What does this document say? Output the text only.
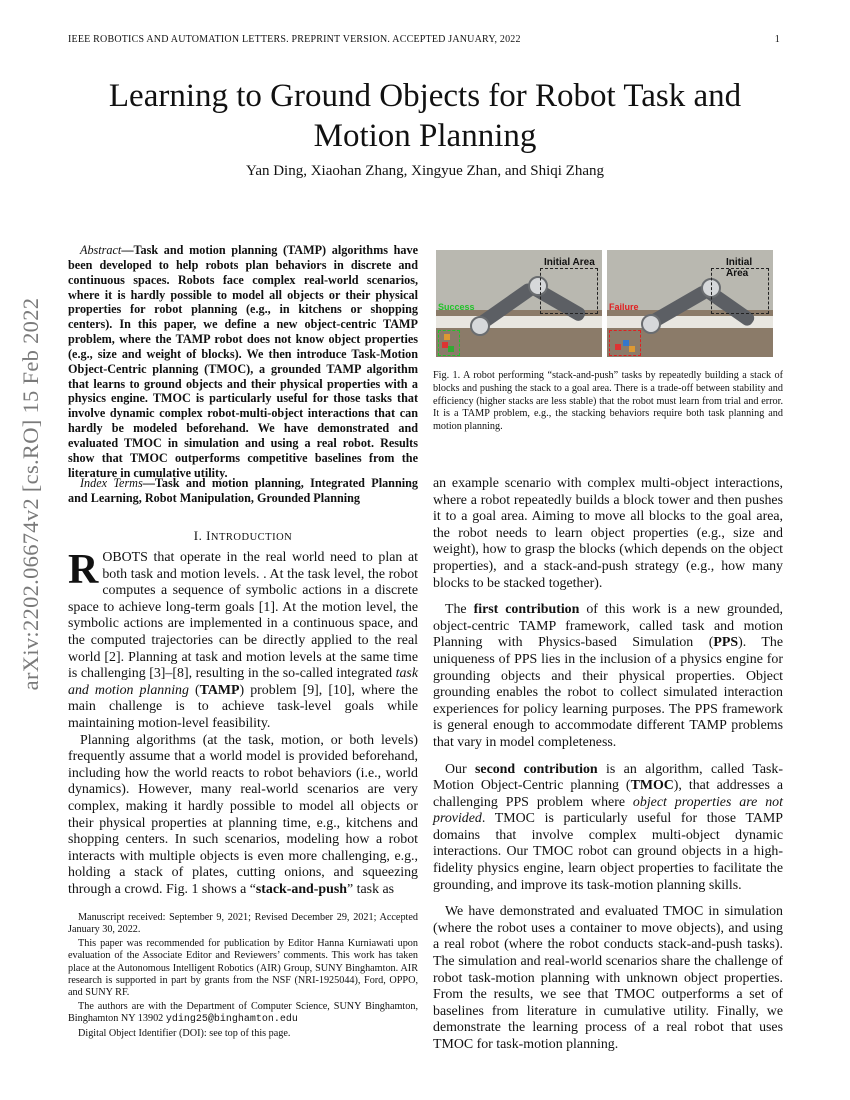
IEEE ROBOTICS AND AUTOMATION LETTERS. PREPRINT VERSION. ACCEPTED JANUARY, 2022	1
Learning to Ground Objects for Robot Task and
Motion Planning
Yan Ding, Xiaohan Zhang, Xingyue Zhan, and Shiqi Zhang
arXiv:2202.06674v2 [cs.RO] 15 Feb 2022

Abstract—Task and motion planning (TAMP) algorithms have been developed to help robots plan behaviors in discrete and continuous spaces. Robots face complex real-world scenarios, where it is hardly possible to model all objects or their physical properties for robot planning (e.g., in kitchens or shopping centers). In this paper, we define a new object-centric TAMP problem, where the TAMP robot does not know object properties (e.g., size and weight of blocks). We then introduce Task-Motion Object-Centric planning (TMOC), a grounded TAMP algorithm that learns to ground objects and their physical properties with a physics engine. TMOC is particularly useful for those tasks that involve dynamic complex robot-multi-object interactions that can hardly be modeled beforehand. We have demonstrated and evaluated TMOC in simulation and using a real robot. Results show that TMOC outperforms competitive baselines from the literature in cumulative utility.

Index Terms—Task and motion planning, Integrated Planning and Learning, Robot Manipulation, Grounded Planning

I. INTRODUCTION

ROBOTS that operate in the real world need to plan at both task and motion levels. . At the task level, the robot computes a sequence of symbolic actions in a discrete space to achieve long-term goals [1]. At the motion level, the symbolic actions are implemented in a continuous space, and the computed trajectories can be directly applied to the real world [2]. Planning at task and motion levels at the same time is challenging [3]–[8], resulting in the so-called integrated task and motion planning (TAMP) problem [9], [10], where the main challenge is to achieve task-level goals while maintaining motion-level feasibility.

Planning algorithms (at the task, motion, or both levels) frequently assume that a world model is provided beforehand, including how the world reacts to robot behaviors (i.e., world dynamics). However, many real-world scenarios are very complex, making it hardly possible to model all objects or their physical properties at planning time, e.g., kitchens and shopping centers. In such scenarios, modeling how a robot interacts with multiple objects is even more challenging, e.g., holding a stack of plates, cutting onions, and squeezing through a crowd. Fig. 1 shows a “stack-and-push” task as

Manuscript received: September 9, 2021; Revised December 29, 2021; Accepted January 30, 2022.

This paper was recommended for publication by Editor Hanna Kurniawati upon evaluation of the Associate Editor and Reviewers’ comments. This work has taken place at the Autonomous Intelligent Robotics (AIR) Group, SUNY Binghamton. AIR research is supported in part by grants from the NSF (NRI-1925044), Ford, OPPO, and SUNY RF.

The authors are with the Department of Computer Science, SUNY Binghamton, Binghamton NY 13902 yding25@binghamton.edu

Digital Object Identifier (DOI): see top of this page.

Initial Area
Success
Initial Area
Failure

Fig. 1. A robot performing “stack-and-push” tasks by repeatedly building a stack of blocks and pushing the stack to a goal area. There is a trade-off between stability and efficiency (higher stacks are less stable) that the robot must learn from trial and error. It is a TAMP problem, e.g., the stacking behaviors require both task planning and motion planning.

an example scenario with complex multi-object interactions, where a robot repeatedly builds a block tower and then pushes it to a goal area. Aiming to move all blocks to the goal area, the robot needs to learn object properties (e.g., size and weight), how to grasp the blocks (which depends on the object properties), and a stack-and-push strategy (e.g., how many blocks to be stacked together).

The first contribution of this work is a new grounded, object-centric TAMP framework, called task and motion Planning with Physics-based Simulation (PPS). The uniqueness of PPS lies in the inclusion of a physics engine for grounding objects and their physical properties. Object grounding enables the robot to collect simulated interaction experiences for policy learning purposes. The PPS framework is general enough to accommodate different TAMP problems that vary in model completeness.

Our second contribution is an algorithm, called Task-Motion Object-Centric planning (TMOC), that addresses a challenging PPS problem where object properties are not provided. TMOC is particularly useful for those TAMP domains that involve complex multi-object dynamic interactions. Our TMOC robot can ground objects in a high-fidelity physics engine, learn object properties to facilitate the grounding, and improve its task-motion planning skills.

We have demonstrated and evaluated TMOC in simulation (where the robot uses a container to move objects), and using a real robot (where the robot conducts stack-and-push tasks). The simulation and real-world scenarios share the challenge of robot task-motion planning with unknown object properties. From the results, we see that TMOC outperforms a set of baselines from literature in cumulative utility. Finally, we demonstrate the learning process of a real robot that uses TMOC for task-motion planning.
